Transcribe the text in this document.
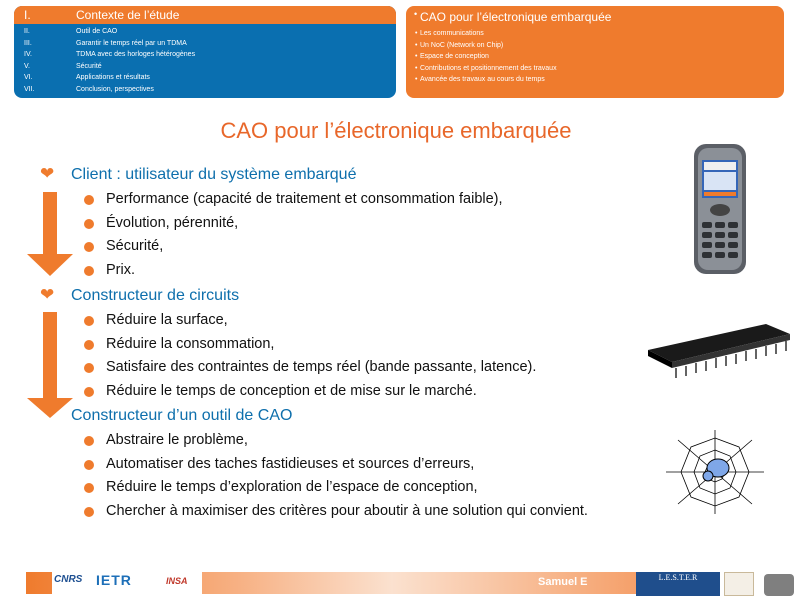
I.	Contexte de l’étude
II.	Outil de CAO
III.	Garantir le temps réel par un TDMA
IV.	TDMA avec des horloges hétérogènes
V.	Sécurité
VI.	Applications et résultats
VII.	Conclusion, perspectives
• CAO pour l’électronique embarquée
• Les communications
• Un NoC (Network on Chip)
• Espace de conception
• Contributions et positionnement des travaux
• Avancée des travaux au cours du temps
CAO pour l’électronique embarquée
❤ Client : utilisateur du système embarqué
Performance (capacité de traitement et consommation faible),
Évolution, pérennité,
Sécurité,
Prix.
❤ Constructeur de circuits
Réduire la surface,
Réduire la consommation,
Satisfaire des contraintes de temps réel (bande passante, latence).
Réduire le temps de conception et de mise sur le marché.
Constructeur d’un outil de CAO
Abstraire le problème,
Automatiser des taches fastidieuses et sources d’erreurs,
Réduire le temps d’exploration de l’espace de conception,
Chercher à maximiser des critères pour aboutir à une solution qui convient.
Samuel E
CNRS IETR	INSA	L.E.S.T.E.R
